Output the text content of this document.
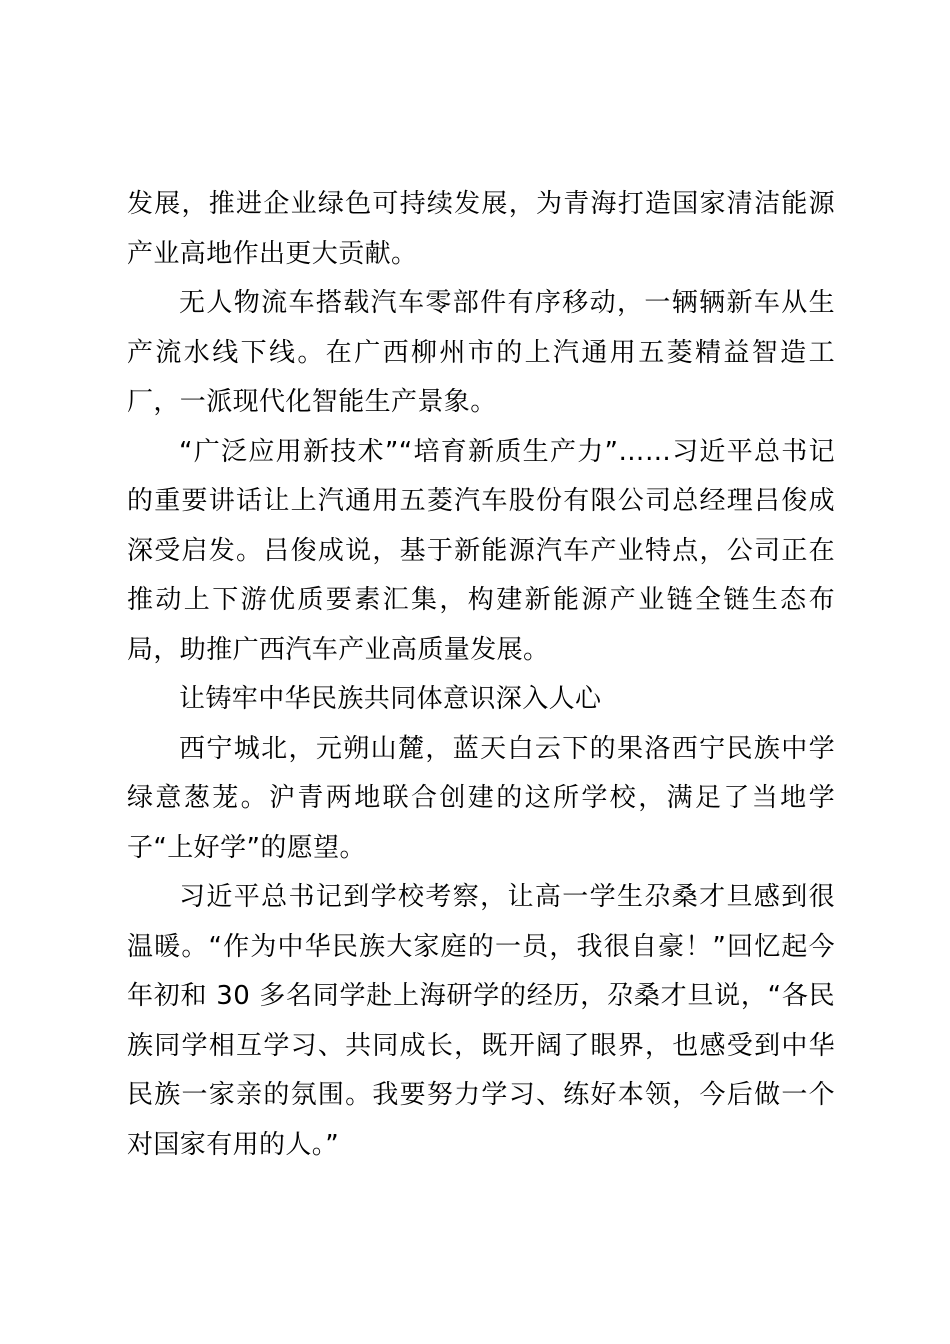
发展，推进企业绿色可持续发展，为青海打造国家清洁能源产业高地作出更大贡献。

无人物流车搭载汽车零部件有序移动，一辆辆新车从生产流水线下线。在广西柳州市的上汽通用五菱精益智造工厂，一派现代化智能生产景象。

“广泛应用新技术”“培育新质生产力”……习近平总书记的重要讲话让上汽通用五菱汽车股份有限公司总经理吕俊成深受启发。吕俊成说，基于新能源汽车产业特点，公司正在推动上下游优质要素汇集，构建新能源产业链全链生态布局，助推广西汽车产业高质量发展。

让铸牢中华民族共同体意识深入人心

西宁城北，元朔山麓，蓝天白云下的果洛西宁民族中学绿意葱茏。沪青两地联合创建的这所学校，满足了当地学子“上好学”的愿望。

习近平总书记到学校考察，让高一学生尕桑才旦感到很温暖。“作为中华民族大家庭的一员，我很自豪！”回忆起今年初和 30 多名同学赴上海研学的经历，尕桑才旦说，“各民族同学相互学习、共同成长，既开阔了眼界，也感受到中华民族一家亲的氛围。我要努力学习、练好本领，今后做一个对国家有用的人。”
